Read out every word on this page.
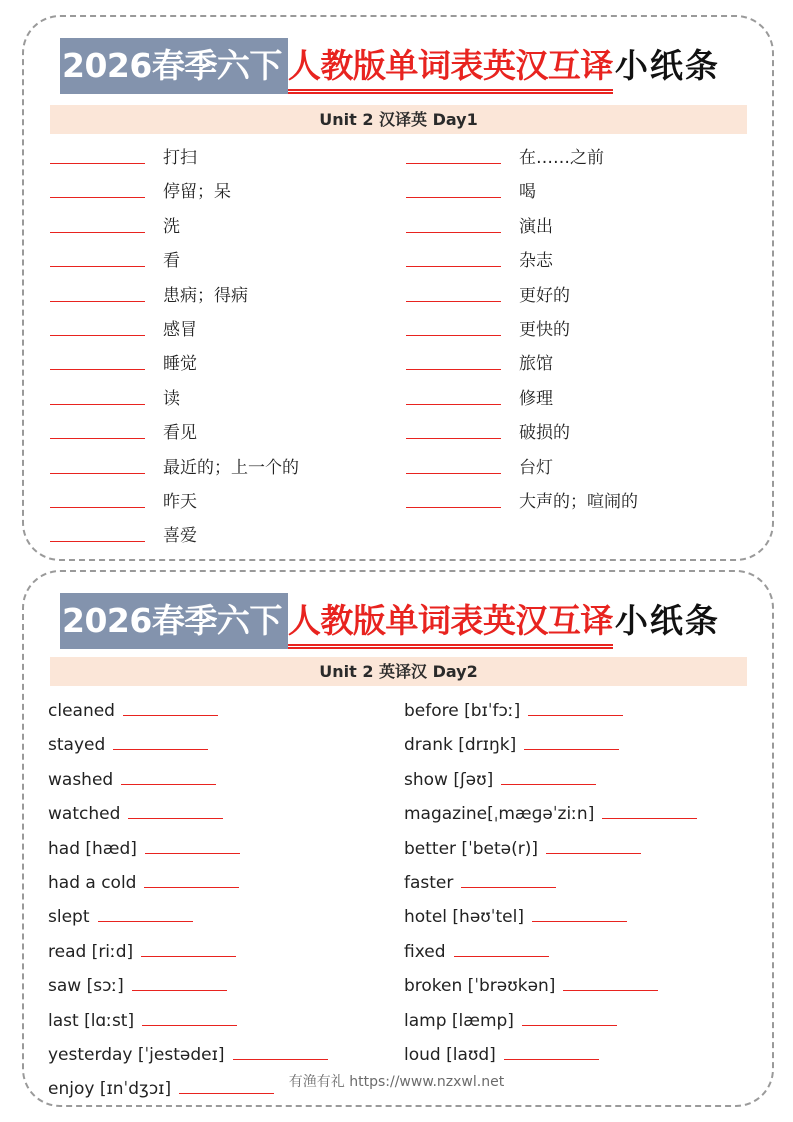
2026春季六下 人教版单词表英汉互译 小纸条
Unit 2 汉译英 Day1
打扫
停留；呆
洗
看
患病；得病
感冒
睡觉
读
看见
最近的；上一个的
昨天
喜爱
在……之前
喝
演出
杂志
更好的
更快的
旅馆
修理
破损的
台灯
大声的；喧闹的
2026春季六下 人教版单词表英汉互译 小纸条
Unit 2 英译汉 Day2
cleaned
stayed
washed
watched
had [hæd]
had a cold
slept
read [riːd]
saw [sɔː]
last [lɑːst]
yesterday [ˈjestədeɪ]
enjoy [ɪnˈdʒɔɪ]
before [bɪˈfɔː]
drank [drɪŋk]
show [ʃəʊ]
magazine[ˌmæɡəˈziːn]
better [ˈbetə(r)]
faster
hotel [həʊˈtel]
fixed
broken [ˈbrəʊkən]
lamp [læmp]
loud [laʊd]
有渔有礼 https://www.nzxwl.net
